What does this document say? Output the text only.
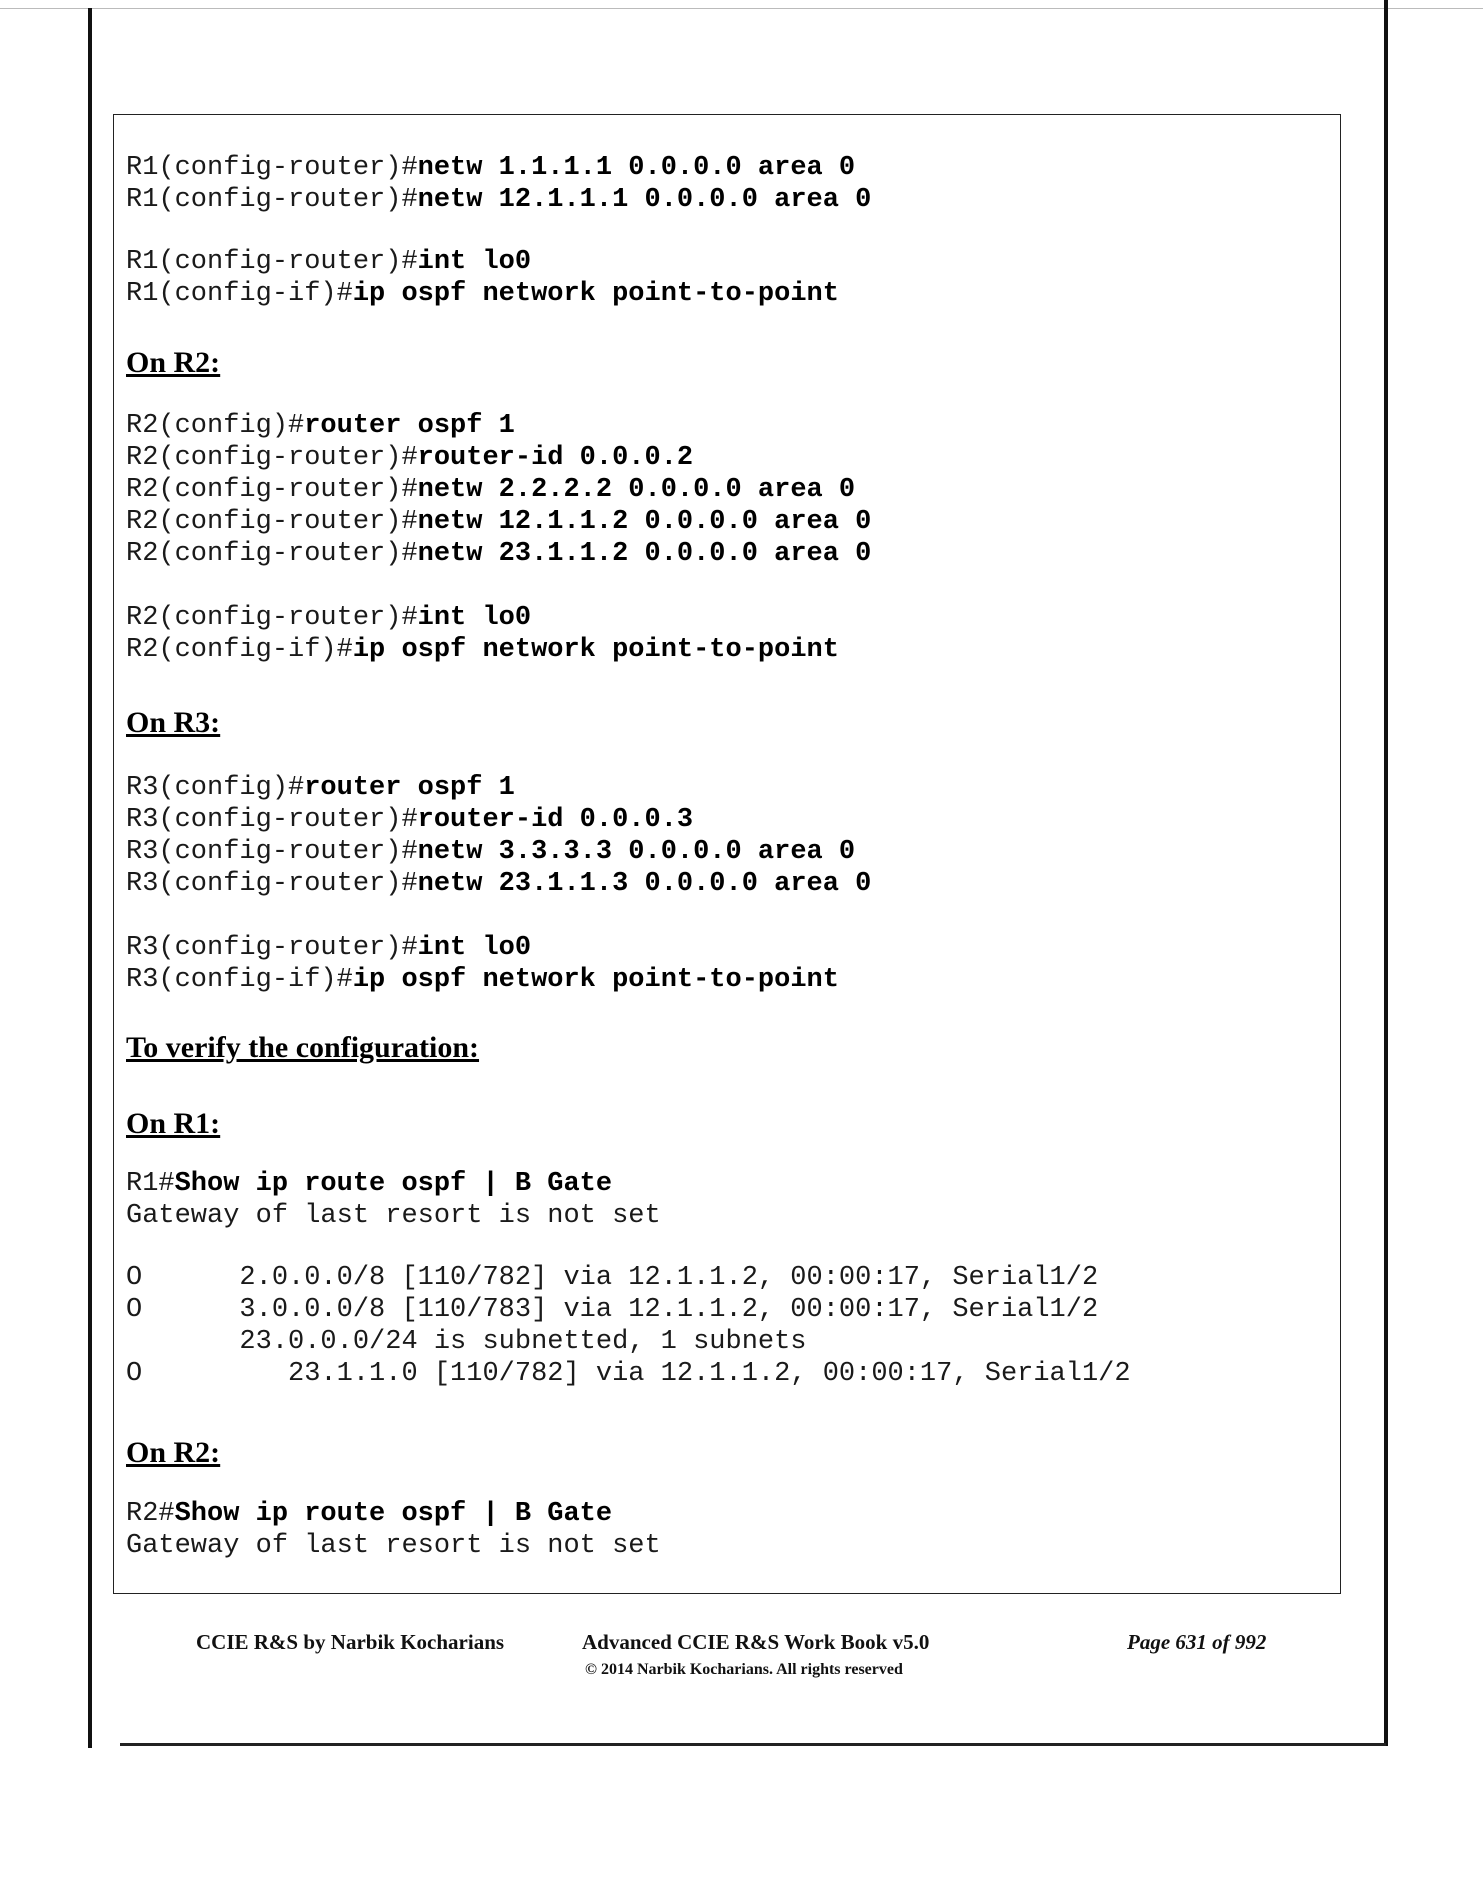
R1(config-router)#netw 1.1.1.1 0.0.0.0 area 0
R1(config-router)#netw 12.1.1.1 0.0.0.0 area 0
R1(config-router)#int lo0
R1(config-if)#ip ospf network point-to-point
On R2:
R2(config)#router ospf 1
R2(config-router)#router-id 0.0.0.2
R2(config-router)#netw 2.2.2.2 0.0.0.0 area 0
R2(config-router)#netw 12.1.1.2 0.0.0.0 area 0
R2(config-router)#netw 23.1.1.2 0.0.0.0 area 0
R2(config-router)#int lo0
R2(config-if)#ip ospf network point-to-point
On R3:
R3(config)#router ospf 1
R3(config-router)#router-id 0.0.0.3
R3(config-router)#netw 3.3.3.3 0.0.0.0 area 0
R3(config-router)#netw 23.1.1.3 0.0.0.0 area 0
R3(config-router)#int lo0
R3(config-if)#ip ospf network point-to-point
To verify the configuration:
On R1:
R1#Show ip route ospf | B Gate
Gateway of last resort is not set
O      2.0.0.0/8 [110/782] via 12.1.1.2, 00:00:17, Serial1/2
O      3.0.0.0/8 [110/783] via 12.1.1.2, 00:00:17, Serial1/2
23.0.0.0/24 is subnetted, 1 subnets
O         23.1.1.0 [110/782] via 12.1.1.2, 00:00:17, Serial1/2
On R2:
R2#Show ip route ospf | B Gate
Gateway of last resort is not set
CCIE R&S by Narbik Kocharians	Advanced CCIE R&S Work Book v5.0
© 2014 Narbik Kocharians. All rights reserved
Page 631 of 992
